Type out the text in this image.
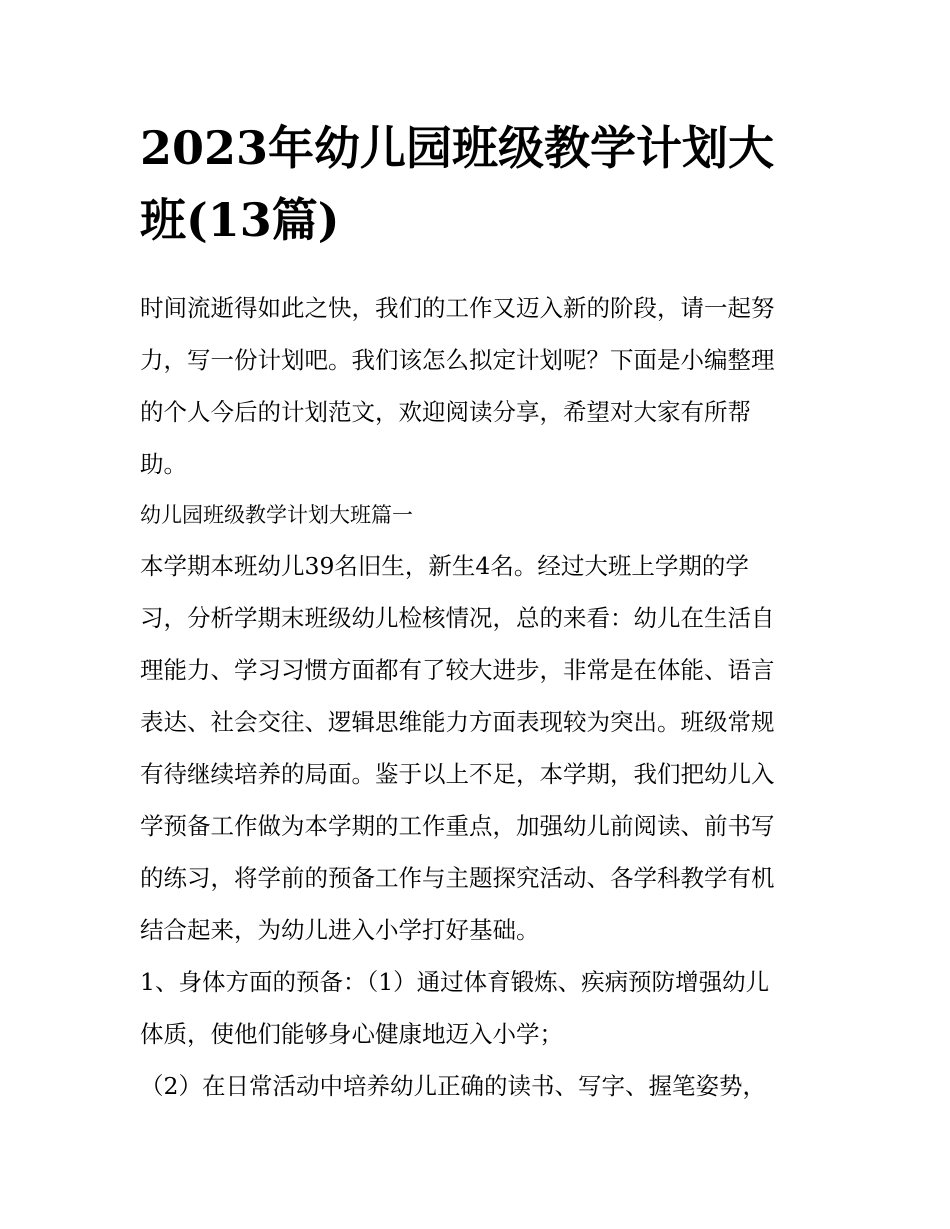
2023年幼儿园班级教学计划大
班(13篇)
时间流逝得如此之快，我们的工作又迈入新的阶段，请一起努
力，写一份计划吧。我们该怎么拟定计划呢？下面是小编整理
的个人今后的计划范文，欢迎阅读分享，希望对大家有所帮
助。
幼儿园班级教学计划大班篇一
本学期本班幼儿39名旧生，新生4名。经过大班上学期的学
习，分析学期末班级幼儿检核情况，总的来看：幼儿在生活自
理能力、学习习惯方面都有了较大进步，非常是在体能、语言
表达、社会交往、逻辑思维能力方面表现较为突出。班级常规
有待继续培养的局面。鉴于以上不足，本学期，我们把幼儿入
学预备工作做为本学期的工作重点，加强幼儿前阅读、前书写
的练习，将学前的预备工作与主题探究活动、各学科教学有机
结合起来，为幼儿进入小学打好基础。
1、身体方面的预备：（1）通过体育锻炼、疾病预防增强幼儿
体质，使他们能够身心健康地迈入小学；
（2）在日常活动中培养幼儿正确的读书、写字、握笔姿势，
